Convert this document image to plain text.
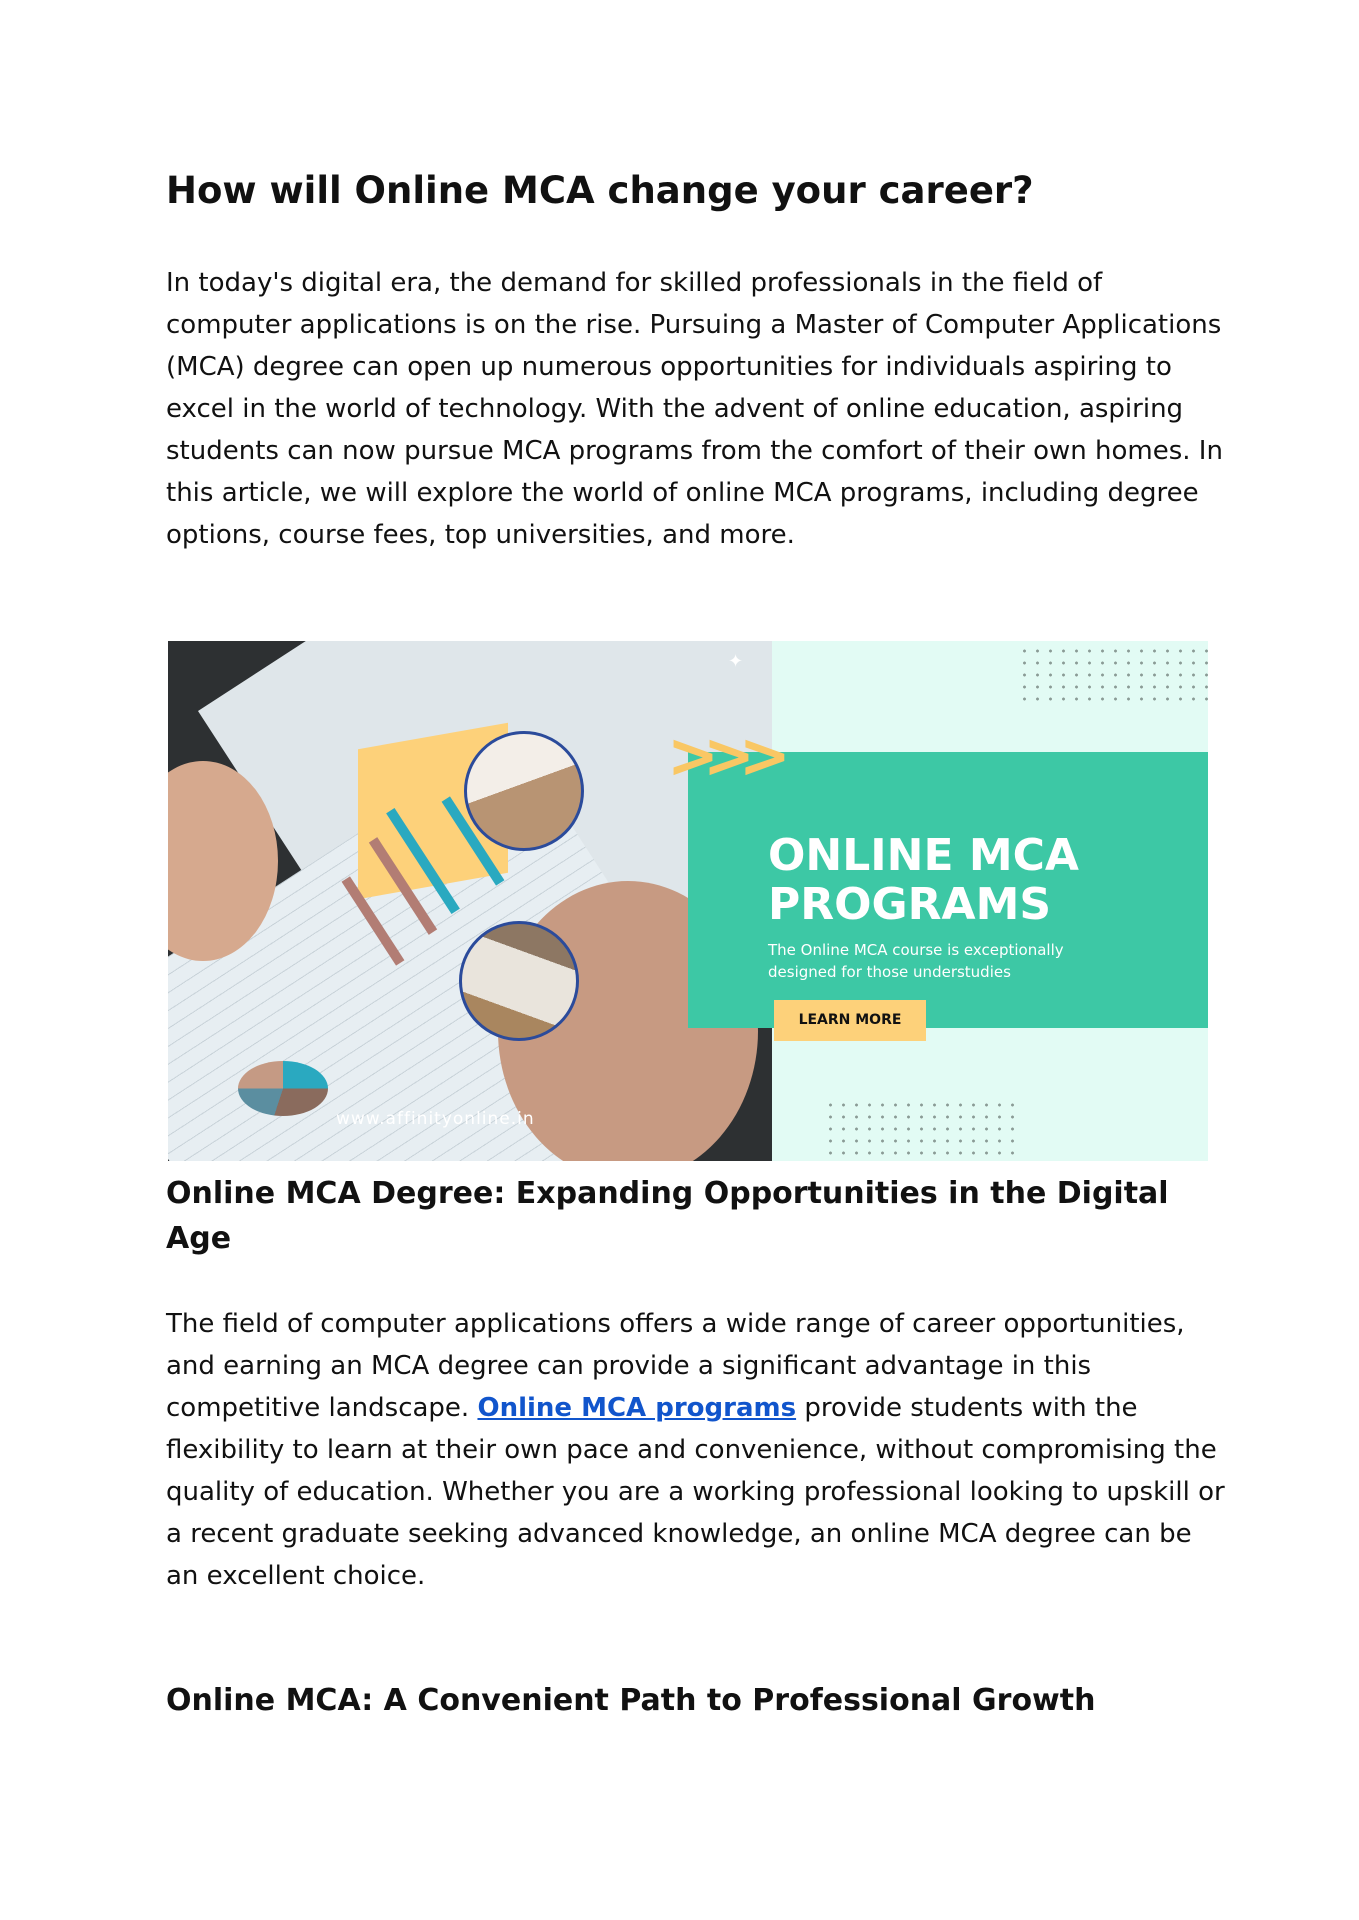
How will Online MCA change your career?

In today's digital era, the demand for skilled professionals in the field of computer applications is on the rise. Pursuing a Master of Computer Applications (MCA) degree can open up numerous opportunities for individuals aspiring to excel in the world of technology. With the advent of online education, aspiring students can now pursue MCA programs from the comfort of their own homes. In this article, we will explore the world of online MCA programs, including degree options, course fees, top universities, and more.

www.affinityonline.in
✦
>>>
ONLINE MCA
PROGRAMS
The Online MCA course is exceptionally designed for those understudies
LEARN MORE
Online MCA Degree: Expanding Opportunities in the Digital Age

The field of computer applications offers a wide range of career opportunities, and earning an MCA degree can provide a significant advantage in this competitive landscape. Online MCA programs provide students with the flexibility to learn at their own pace and convenience, without compromising the quality of education. Whether you are a working professional looking to upskill or a recent graduate seeking advanced knowledge, an online MCA degree can be an excellent choice.

Online MCA: A Convenient Path to Professional Growth
